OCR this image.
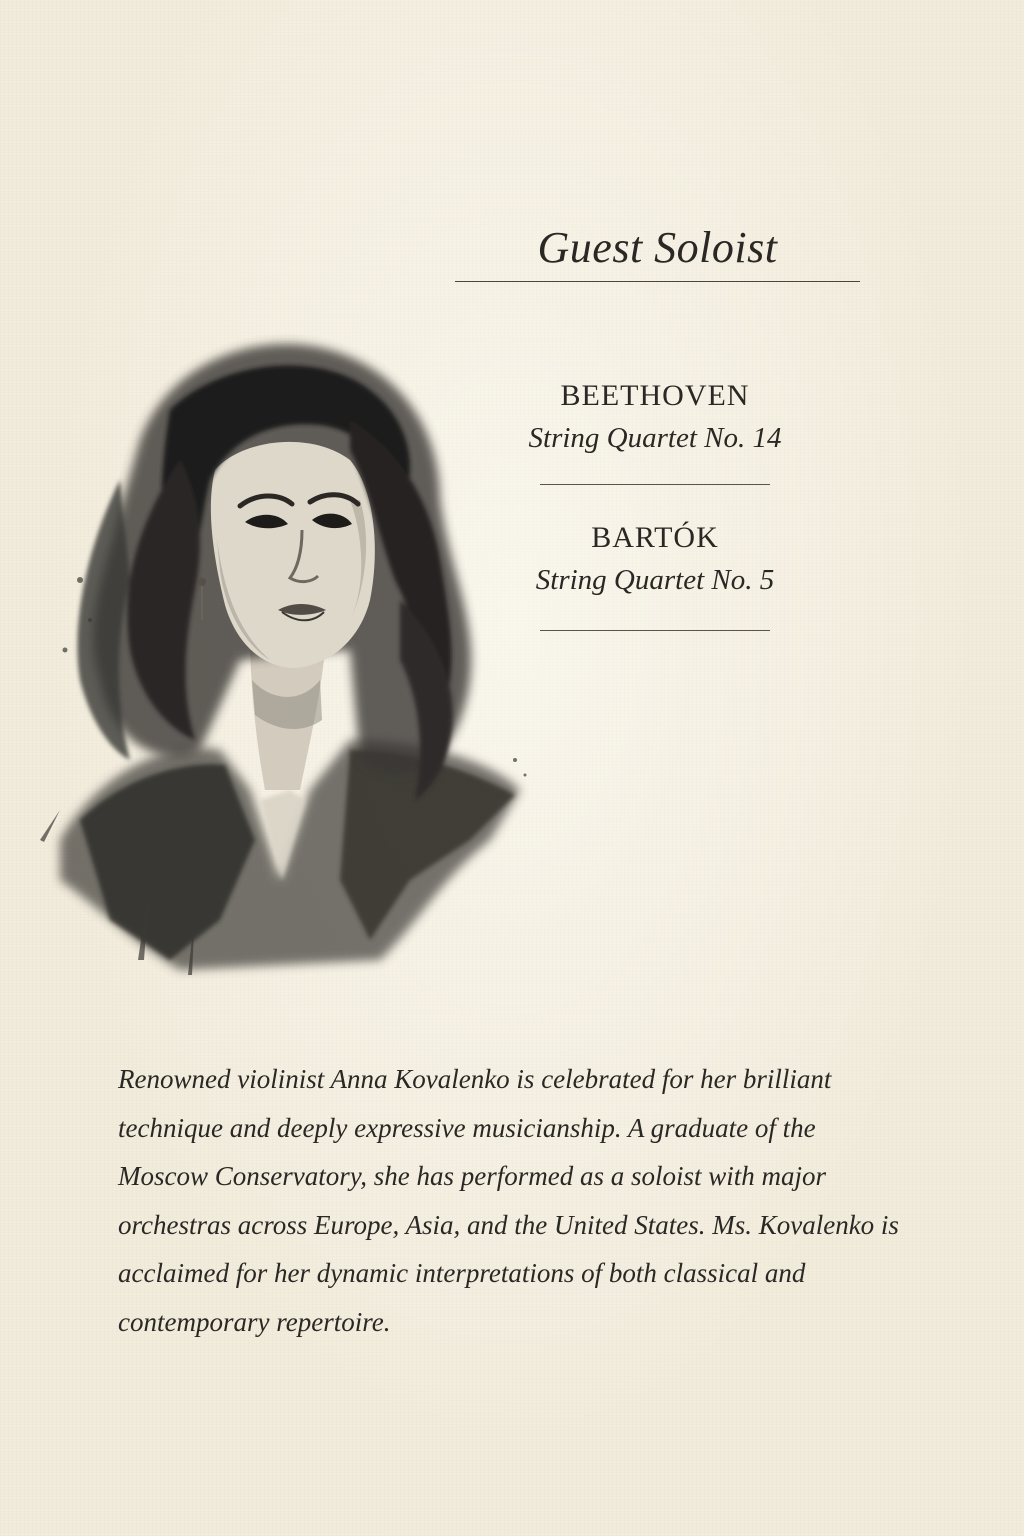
Guest Soloist
BEETHOVEN
String Quartet No. 14
BARTÓK
String Quartet No. 5

Renowned violinist Anna Kovalenko is celebrated for her brilliant technique and deeply expressive musicianship. A graduate of the Moscow Conservatory, she has performed as a soloist with major orchestras across Europe, Asia, and the United States. Ms. Kovalenko is acclaimed for her dynamic interpretations of both classical and contemporary repertoire.
